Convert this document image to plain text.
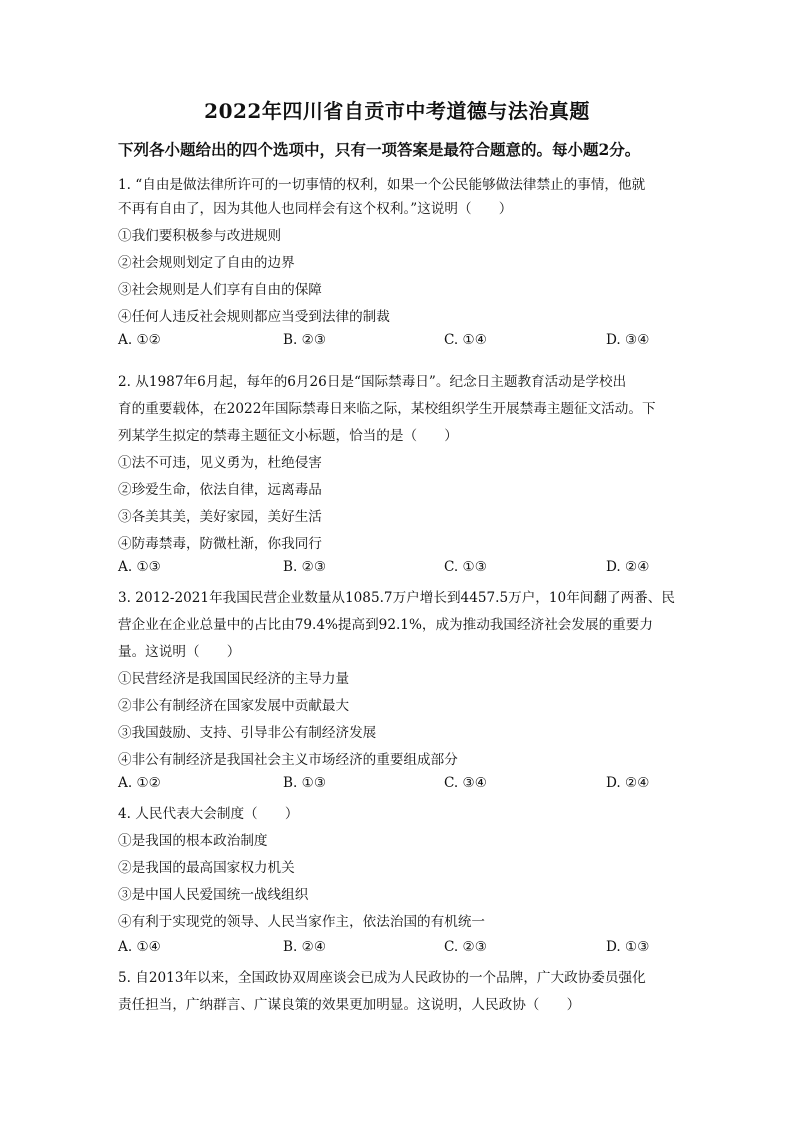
2022年四川省自贡市中考道德与法治真题
下列各小题给出的四个选项中，只有一项答案是最符合题意的。每小题2分。
1. “自由是做法律所许可的一切事情的权利，如果一个公民能够做法律禁止的事情，他就
不再有自由了，因为其他人也同样会有这个权利。”这说明（　　）
①我们要积极参与改进规则
②社会规则划定了自由的边界
③社会规则是人们享有自由的保障
④任何人违反社会规则都应当受到法律的制裁
A. ①②	B. ②③	C. ①④	D. ③④
2. 从1987年6月起，每年的6月26日是“国际禁毒日”。纪念日主题教育活动是学校出
育的重要载体，在2022年国际禁毒日来临之际，某校组织学生开展禁毒主题征文活动。下
列某学生拟定的禁毒主题征文小标题，恰当的是（　　）
①法不可违，见义勇为，杜绝侵害
②珍爱生命，依法自律，远离毒品
③各美其美，美好家园，美好生活
④防毒禁毒，防微杜渐，你我同行
A. ①③	B. ②③	C. ①③	D. ②④
3. 2012-2021年我国民营企业数量从1085.7万户增长到4457.5万户，10年间翻了两番、民
营企业在企业总量中的占比由79.4%提高到92.1%，成为推动我国经济社会发展的重要力
量。这说明（　　）
①民营经济是我国国民经济的主导力量
②非公有制经济在国家发展中贡献最大
③我国鼓励、支持、引导非公有制经济发展
④非公有制经济是我国社会主义市场经济的重要组成部分
A. ①②	B. ①③	C. ③④	D. ②④
4. 人民代表大会制度（　　）
①是我国的根本政治制度
②是我国的最高国家权力机关
③是中国人民爱国统一战线组织
④有利于实现党的领导、人民当家作主，依法治国的有机统一
A. ①④	B. ②④	C. ②③	D. ①③
5. 自2013年以来，全国政协双周座谈会已成为人民政协的一个品牌，广大政协委员强化
责任担当，广纳群言、广谋良策的效果更加明显。这说明，人民政协（　　）
